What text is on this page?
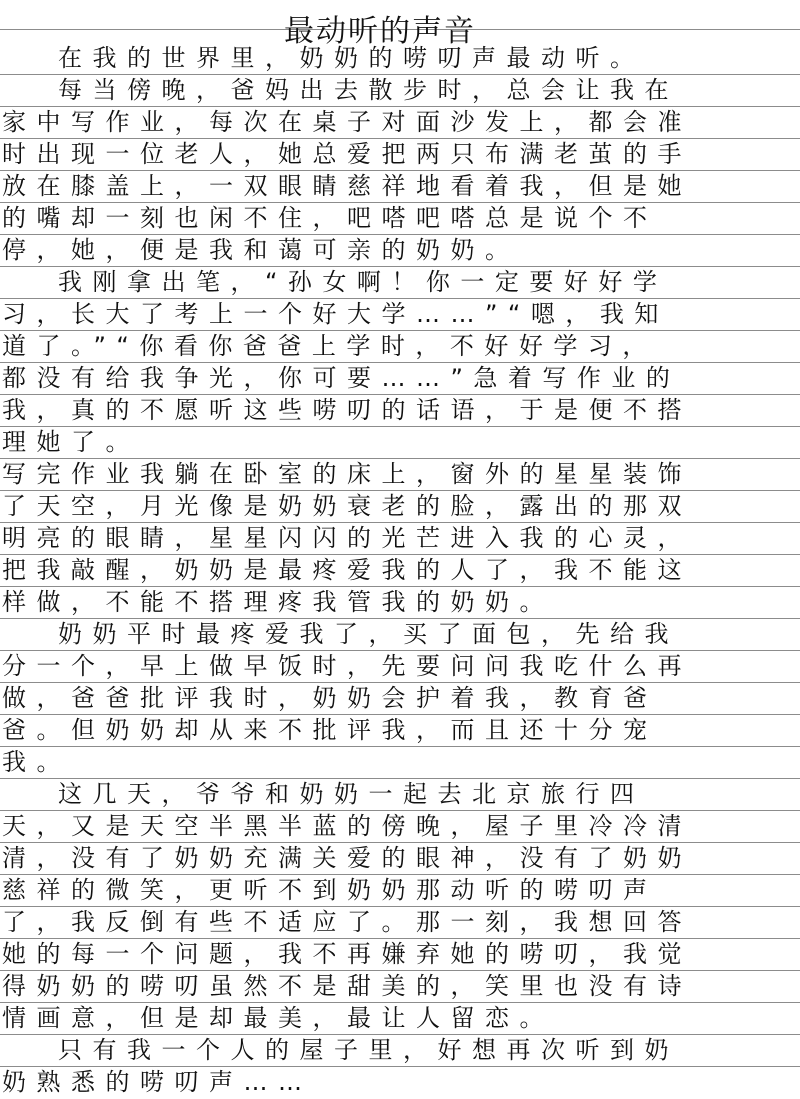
最动听的声音
在我的世界里，奶奶的唠叨声最动听。
每当傍晚，爸妈出去散步时，总会让我在
家中写作业，每次在桌子对面沙发上，都会准
时出现一位老人，她总爱把两只布满老茧的手
放在膝盖上，一双眼睛慈祥地看着我，但是她
的嘴却一刻也闲不住，吧嗒吧嗒总是说个不
停，她，便是我和蔼可亲的奶奶。
我刚拿出笔，“孙女啊！你一定要好好学
习，长大了考上一个好大学……”“嗯，我知
道了。”“你看你爸爸上学时，不好好学习，
都没有给我争光，你可要……”急着写作业的
我，真的不愿听这些唠叨的话语，于是便不搭
理她了。
写完作业我躺在卧室的床上，窗外的星星装饰
了天空，月光像是奶奶衰老的脸，露出的那双
明亮的眼睛，星星闪闪的光芒进入我的心灵，
把我敲醒，奶奶是最疼爱我的人了，我不能这
样做，不能不搭理疼我管我的奶奶。
奶奶平时最疼爱我了，买了面包，先给我
分一个，早上做早饭时，先要问问我吃什么再
做，爸爸批评我时，奶奶会护着我，教育爸
爸。但奶奶却从来不批评我，而且还十分宠
我。
这几天，爷爷和奶奶一起去北京旅行四
天，又是天空半黑半蓝的傍晚，屋子里冷冷清
清，没有了奶奶充满关爱的眼神，没有了奶奶
慈祥的微笑，更听不到奶奶那动听的唠叨声
了，我反倒有些不适应了。那一刻，我想回答
她的每一个问题，我不再嫌弃她的唠叨，我觉
得奶奶的唠叨虽然不是甜美的，笑里也没有诗
情画意，但是却最美，最让人留恋。
只有我一个人的屋子里，好想再次听到奶
奶熟悉的唠叨声……
